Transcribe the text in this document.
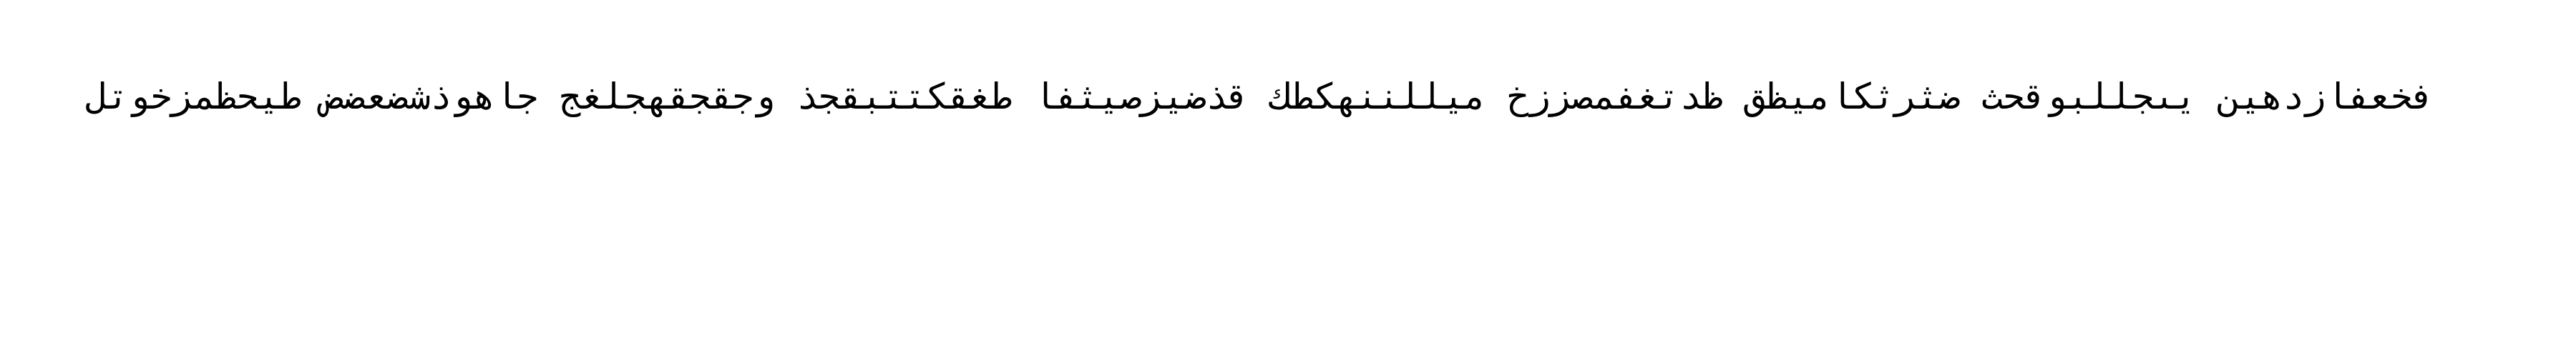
فخعفازدهين يىجللبوقحث ضثرثكاميظق ظدتغفمصززخ ميللننهكطك قذضيزصيثفا طغقكتتبقجذ وجقجقهجلغج جاهوذشضعضض طيحظمزخوتل
